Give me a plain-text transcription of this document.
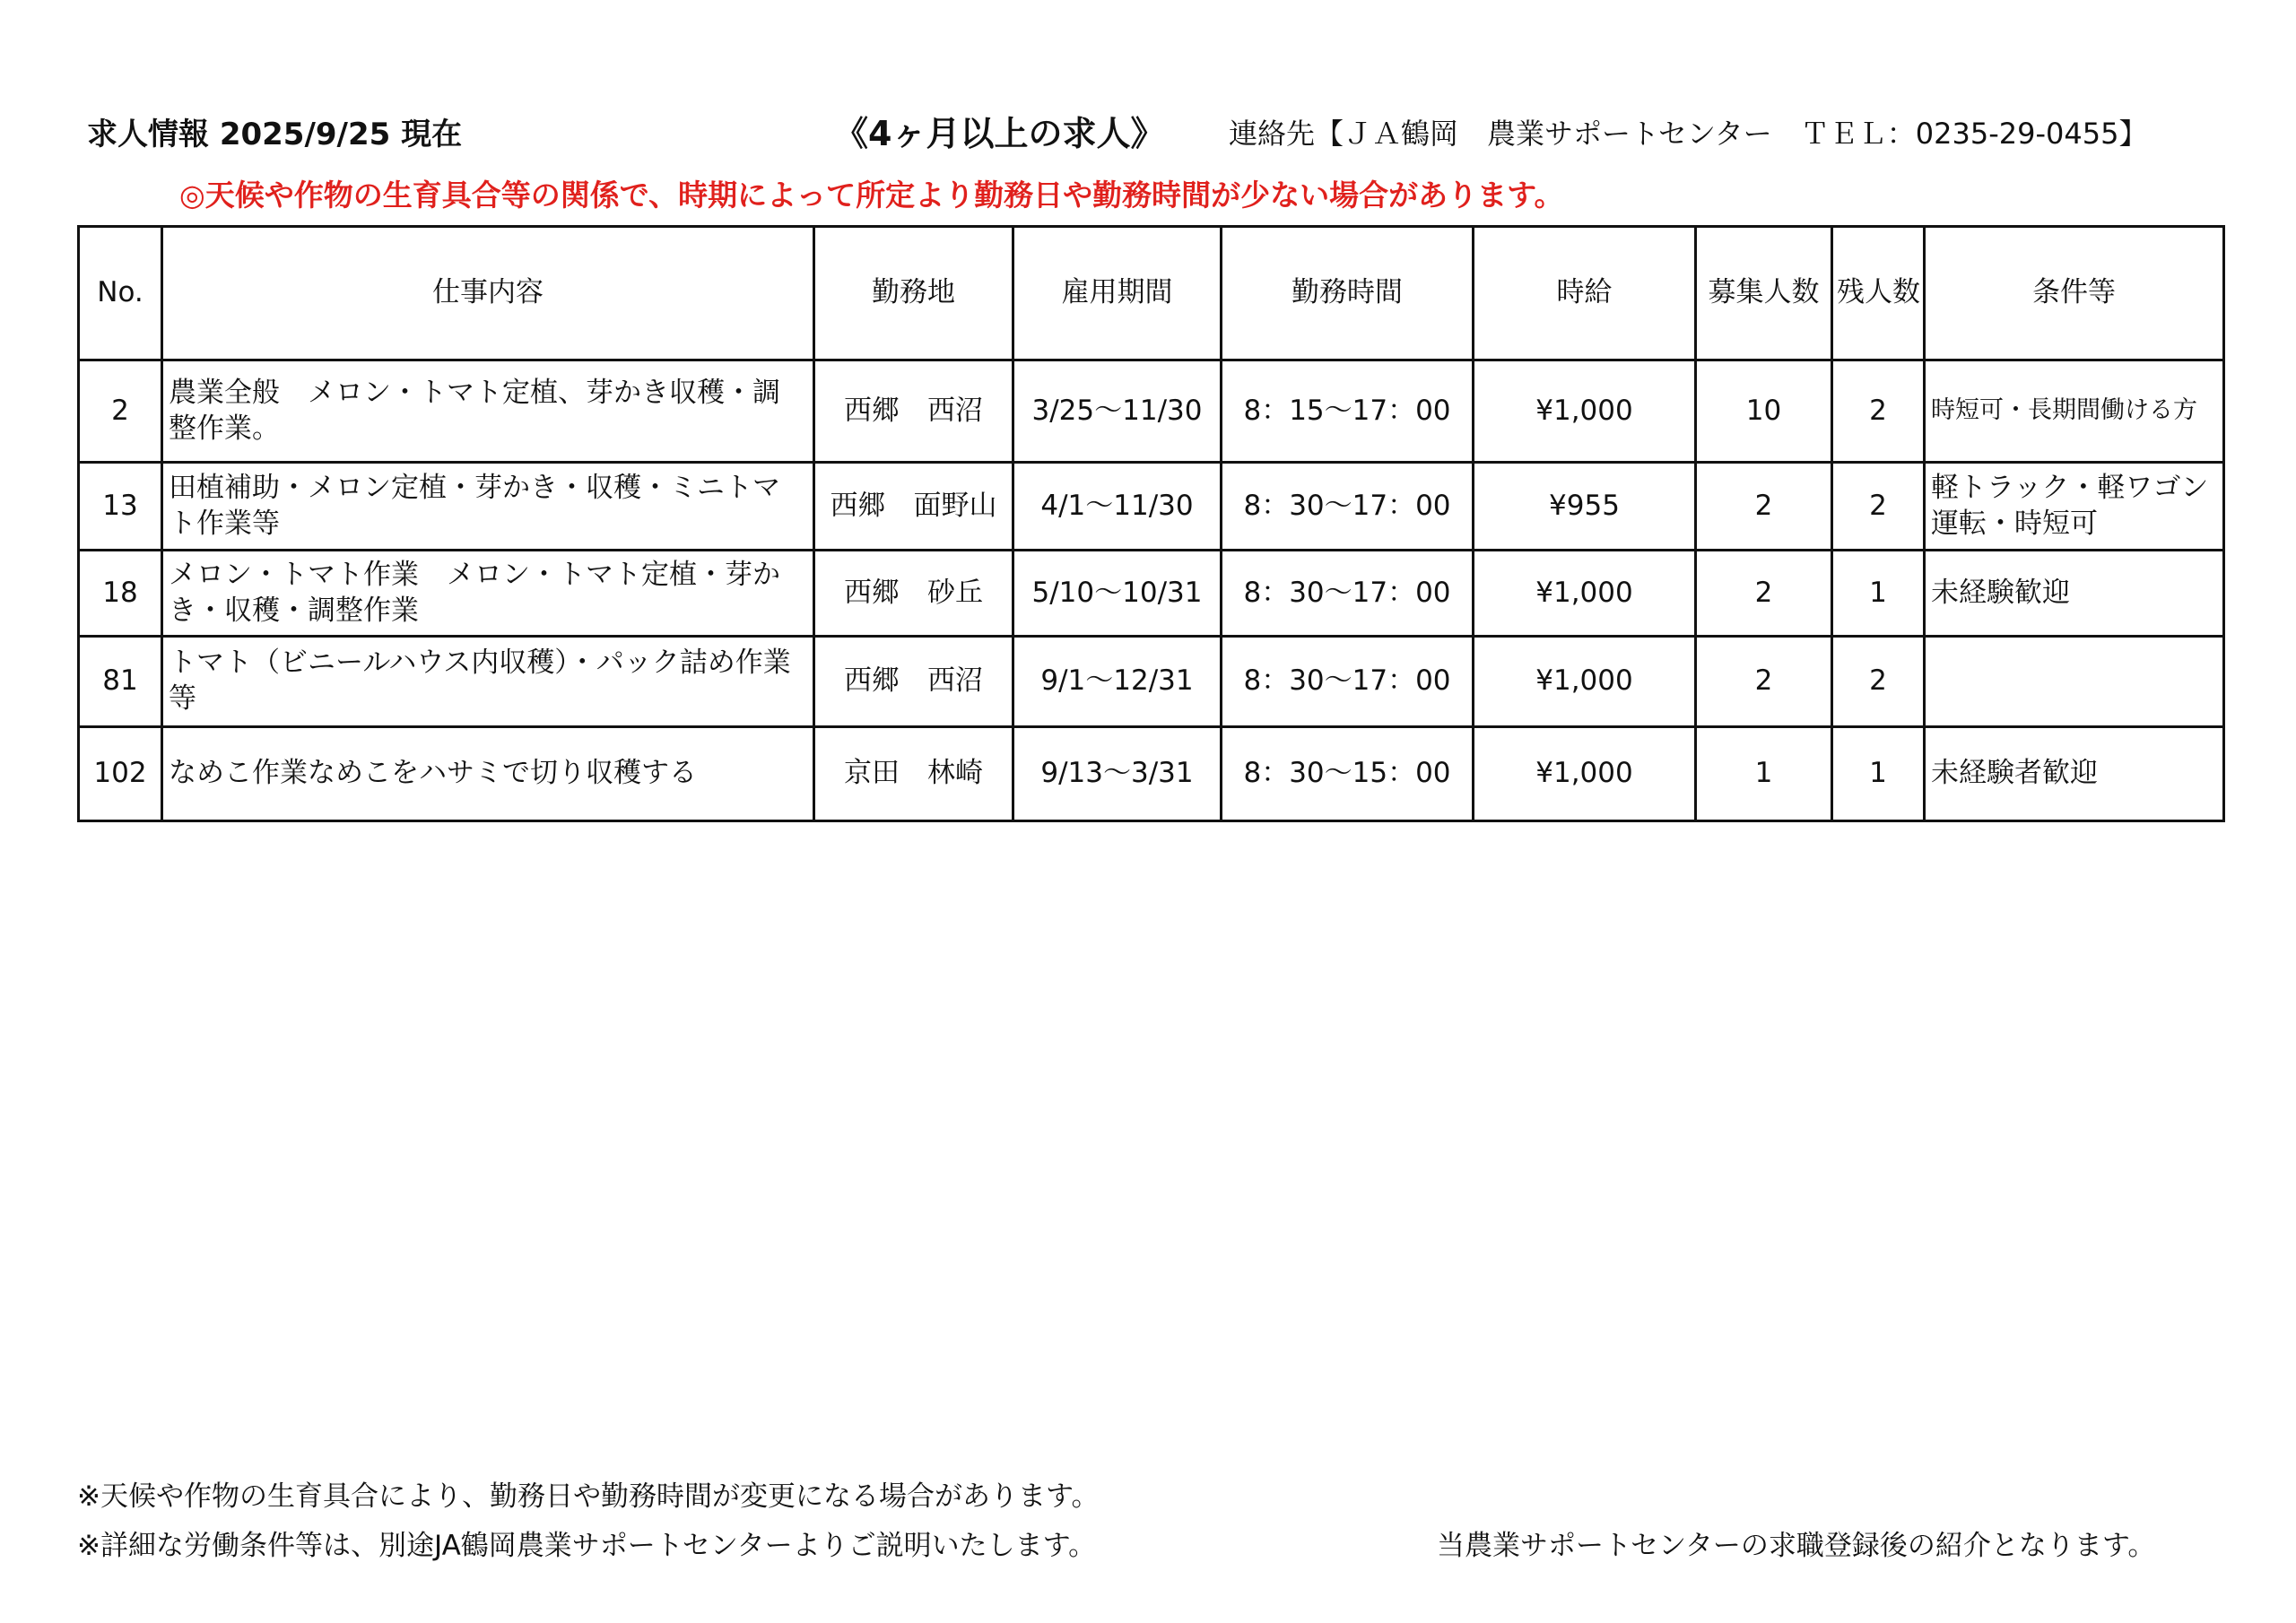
求人情報 2025/9/25 現在	《4ヶ月以上の求人》 連絡先【ＪＡ鶴岡　農業サポートセンター　ＴＥＬ：0235-29-0455】
◎天候や作物の生育具合等の関係で、時期によって所定より勤務日や勤務時間が少ない場合があります。
No.	仕事内容	勤務地	雇用期間	勤務時間	時給	募集人数	残人数	条件等
2	農業全般　メロン・トマト定植、芽かき収穫・調整作業。	西郷　西沼	3/25～11/30	8：15～17：00	¥1,000	10	2	時短可・長期間働ける方
13	田植補助・メロン定植・芽かき・収穫・ミニトマト作業等	西郷　面野山	4/1～11/30	8：30～17：00	¥955	2	2	軽トラック・軽ワゴン運転・時短可
18	メロン・トマト作業　メロン・トマト定植・芽かき・収穫・調整作業	西郷　砂丘	5/10～10/31	8：30～17：00	¥1,000	2	1	未経験歓迎
81	トマト（ビニールハウス内収穫）・パック詰め作業等	西郷　西沼	9/1～12/31	8：30～17：00	¥1,000	2	2	
102	なめこ作業なめこをハサミで切り収穫する	京田　林崎	9/13～3/31	8：30～15：00	¥1,000	1	1	未経験者歓迎
※天候や作物の生育具合により、勤務日や勤務時間が変更になる場合があります。
※詳細な労働条件等は、別途JA鶴岡農業サポートセンターよりご説明いたします。	当農業サポートセンターの求職登録後の紹介となります。
